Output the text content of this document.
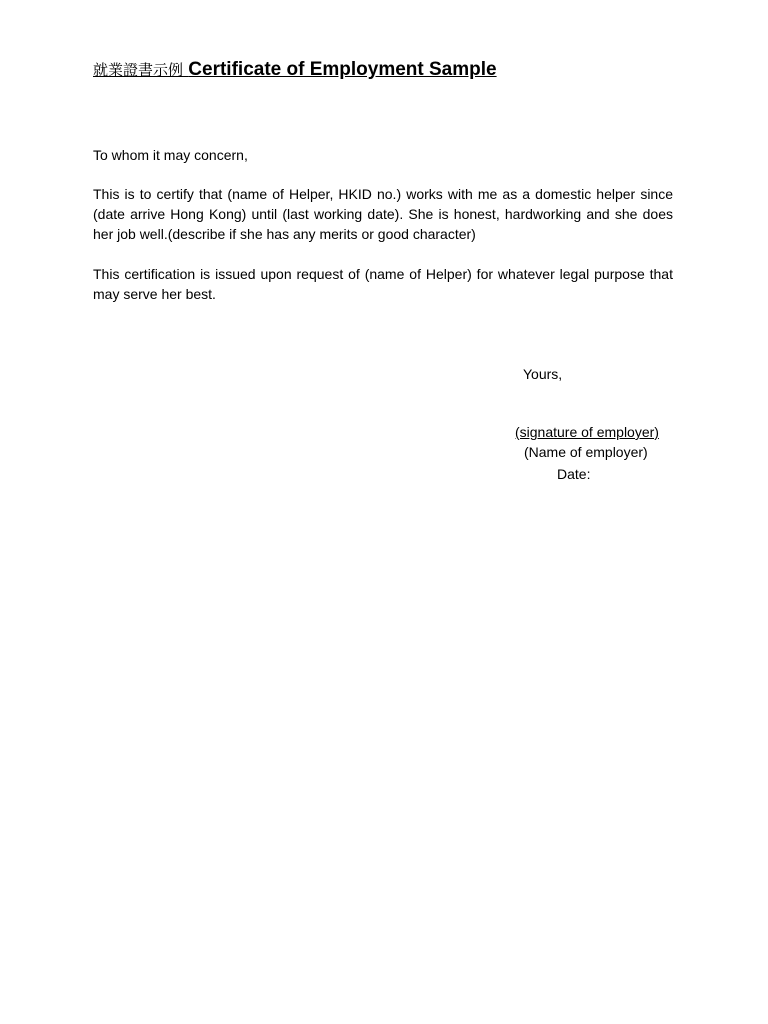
就業證書示例 Certificate of Employment Sample

To whom it may concern,

This is to certify that (name of Helper, HKID no.) works with me as a domestic helper since (date arrive Hong Kong) until (last working date). She is honest, hardworking and she does her job well.(describe if she has any merits or good character)

This certification is issued upon request of (name of Helper) for whatever legal purpose that may serve her best.

Yours,

(signature of employer)

(Name of employer)

Date:
